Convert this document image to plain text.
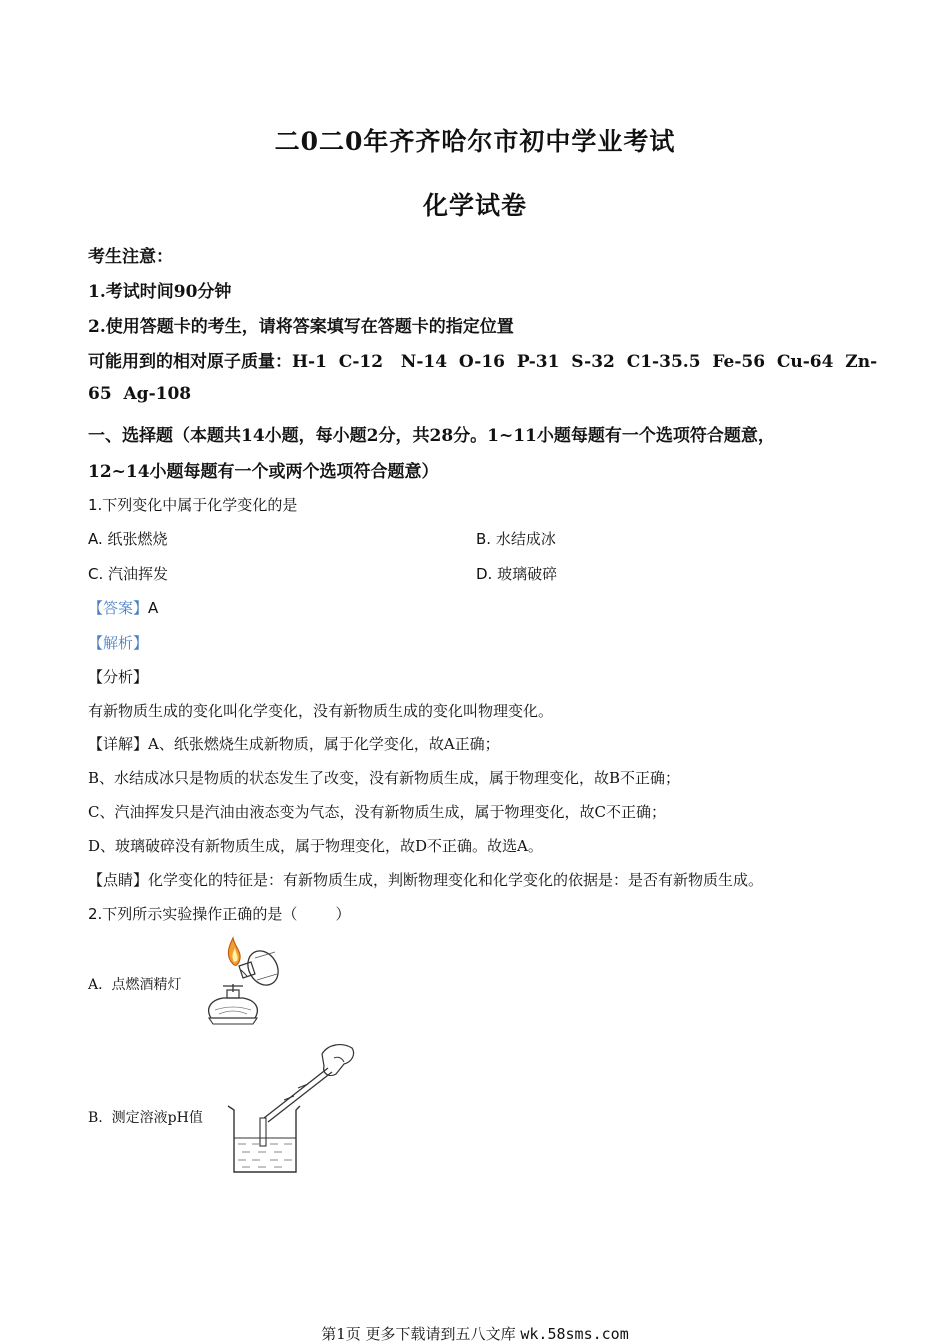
二0二0年齐齐哈尔市初中学业考试
化学试卷
考生注意：
1.考试时间90分钟
2.使用答题卡的考生，请将答案填写在答题卡的指定位置
可能用到的相对原子质量：H-1  C-12   N-14  O-16  P-31  S-32  C1-35.5  Fe-56  Cu-64  Zn-
65  Ag-108
一、选择题（本题共14小题，每小题2分，共28分。1~11小题每题有一个选项符合题意，
12~14小题每题有一个或两个选项符合题意）
1.下列变化中属于化学变化的是
A. 纸张燃烧	B. 水结成冰
C. 汽油挥发	D. 玻璃破碎
【答案】A
【解析】
【分析】
有新物质生成的变化叫化学变化，没有新物质生成的变化叫物理变化。
【详解】A、纸张燃烧生成新物质，属于化学变化，故A正确；
B、水结成冰只是物质的状态发生了改变，没有新物质生成，属于物理变化，故B不正确；
C、汽油挥发只是汽油由液态变为气态，没有新物质生成，属于物理变化，故C不正确；
D、玻璃破碎没有新物质生成，属于物理变化，故D不正确。故选A。
【点睛】化学变化的特征是：有新物质生成，判断物理变化和化学变化的依据是：是否有新物质生成。
2.下列所示实验操作正确的是（        ）
A. 点燃酒精灯
B. 测定溶液pH值
第1页 更多下载请到五八文库 wk.58sms.com
